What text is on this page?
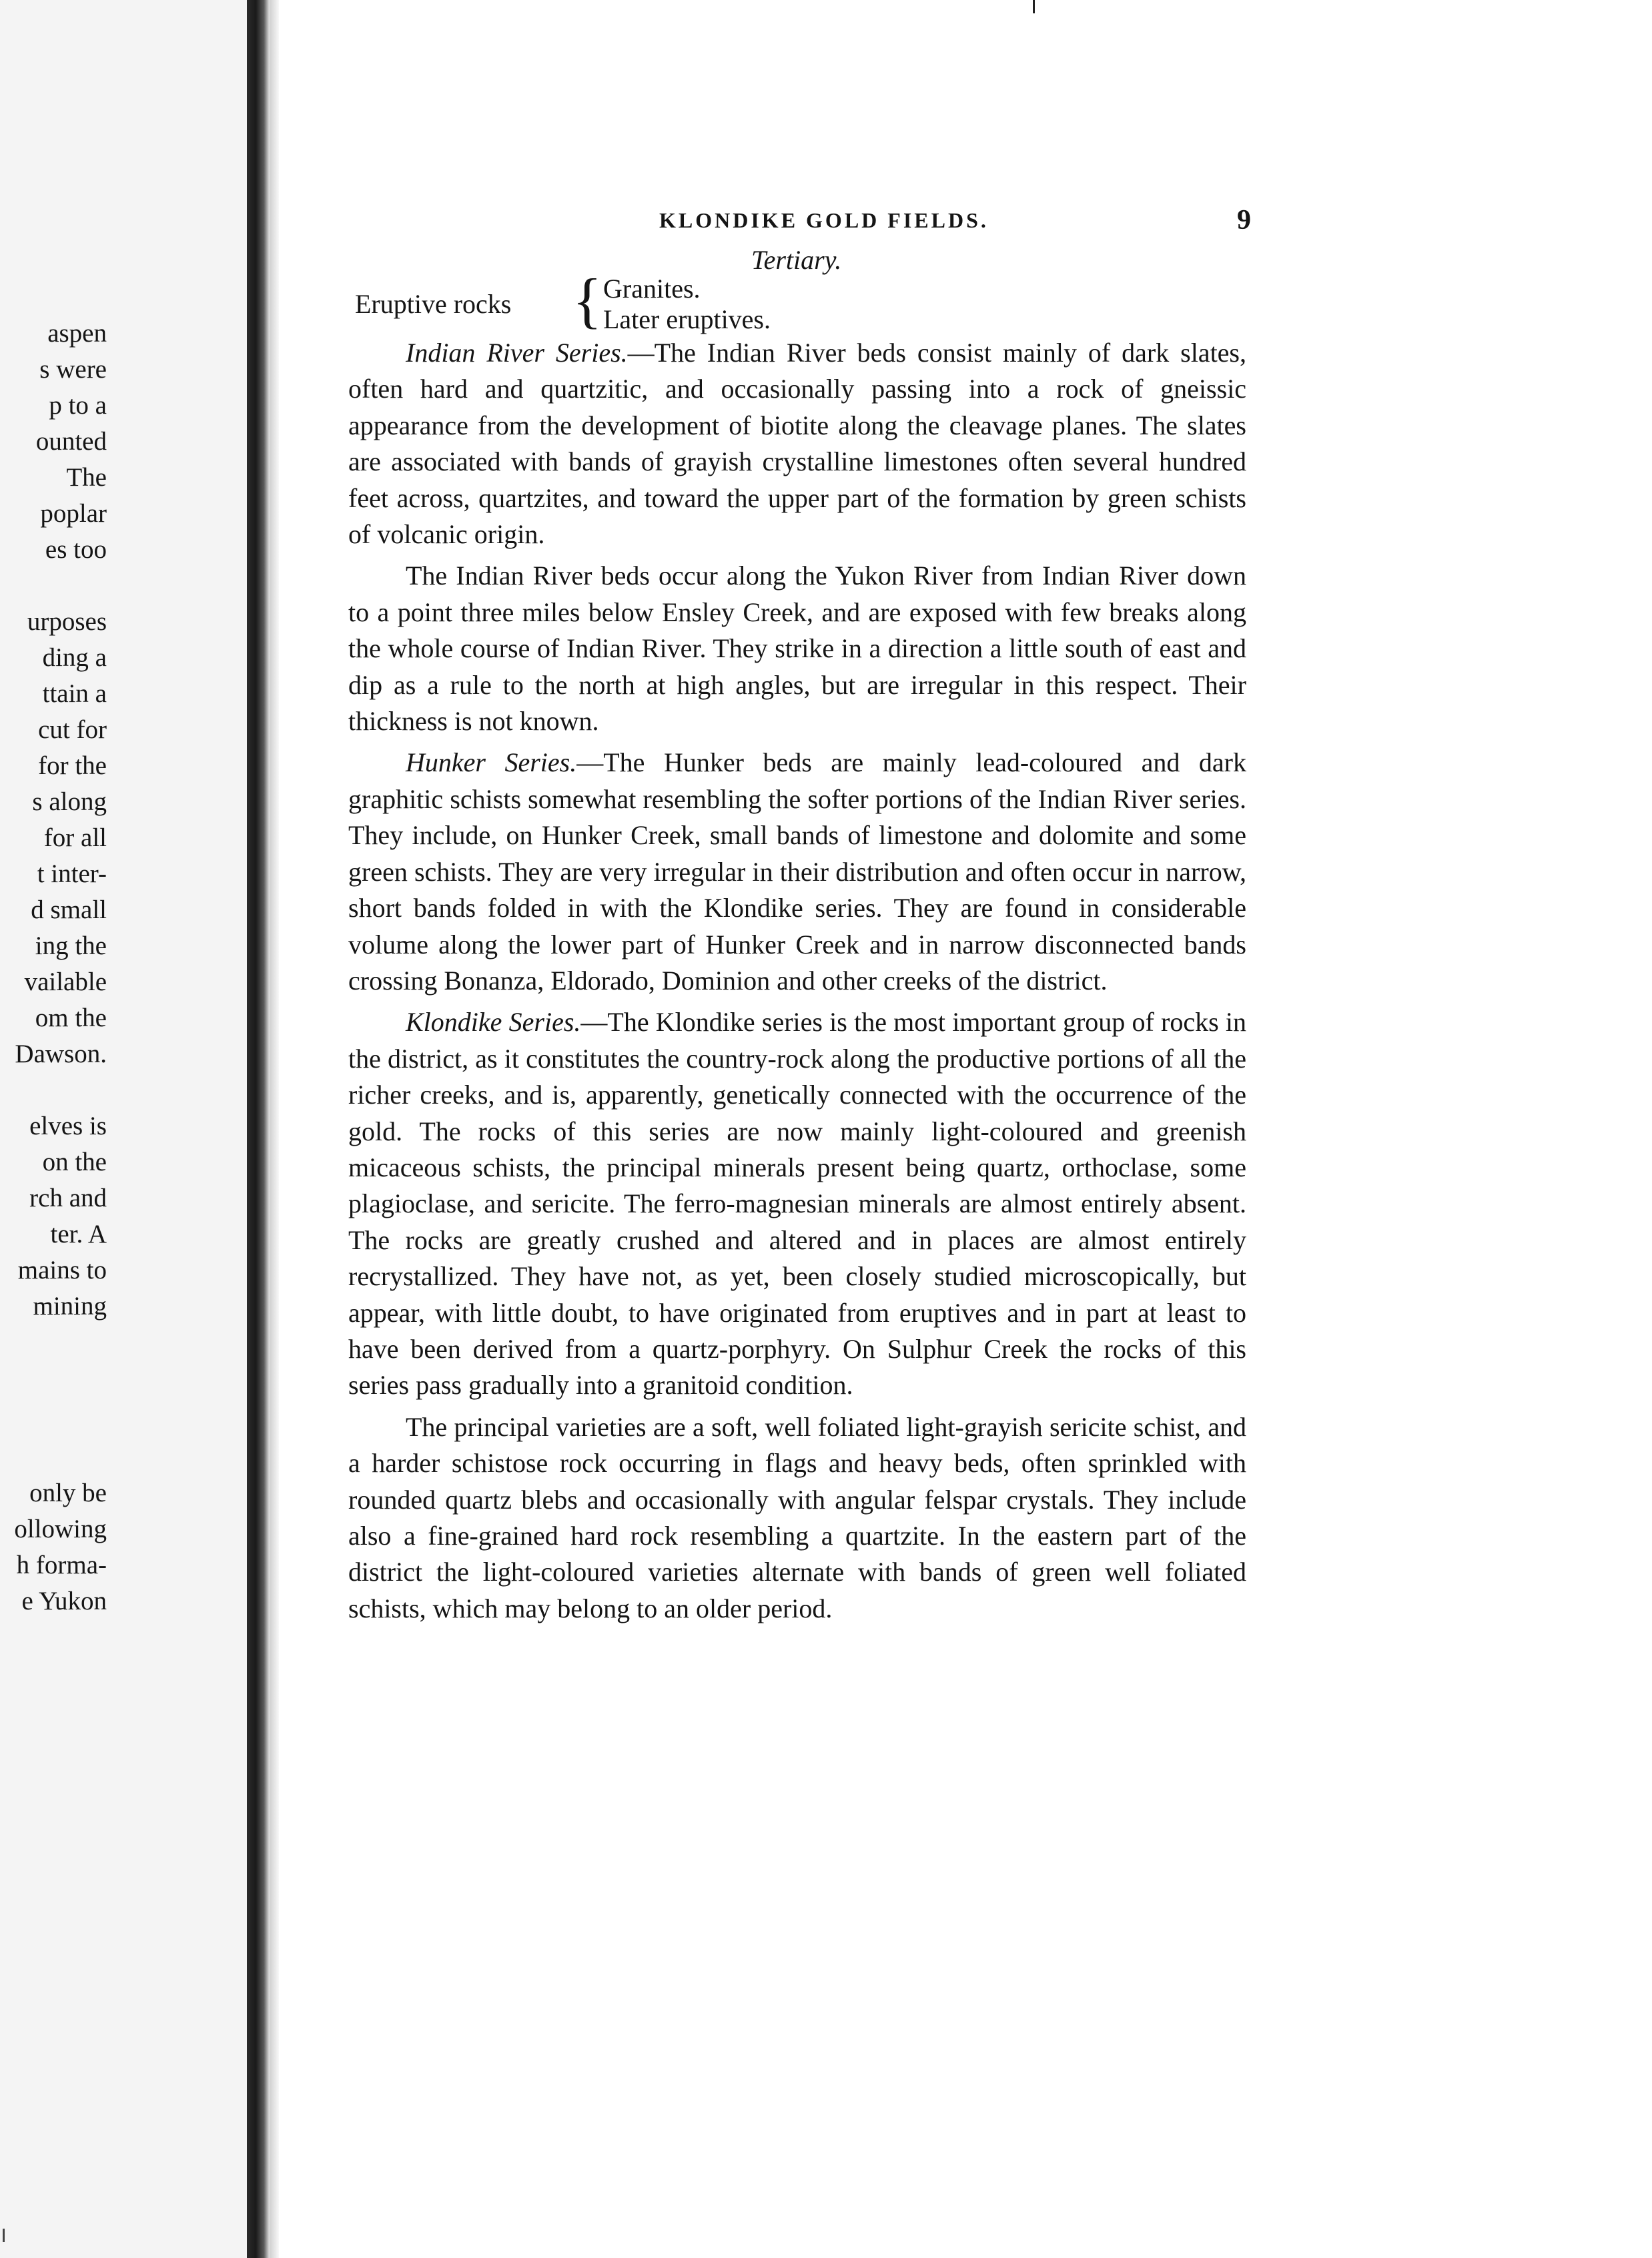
aspen
s were
p to a
ounted
The
poplar
es too
urposes
ding a
ttain a
cut for
for the
s along
for all
t inter-
d small
ing the
vailable
om the
Dawson.
elves is
on the
rch and
ter. A
mains to
mining
only be
ollowing
h forma-
e Yukon
KLONDIKE GOLD FIELDS.	9
Tertiary.
Eruptive rocks { Granites.
Later eruptives.

Indian River Series.—The Indian River beds consist mainly of dark slates, often hard and quartzitic, and occasionally passing into a rock of gneissic appearance from the development of biotite along the cleavage planes. The slates are associated with bands of grayish crystalline limestones often several hundred feet across, quartzites, and toward the upper part of the formation by green schists of volcanic origin.

The Indian River beds occur along the Yukon River from Indian River down to a point three miles below Ensley Creek, and are exposed with few breaks along the whole course of Indian River. They strike in a direction a little south of east and dip as a rule to the north at high angles, but are irregular in this respect. Their thickness is not known.

Hunker Series.—The Hunker beds are mainly lead-coloured and dark graphitic schists somewhat resembling the softer portions of the Indian River series. They include, on Hunker Creek, small bands of limestone and dolomite and some green schists. They are very irregular in their distribution and often occur in narrow, short bands folded in with the Klondike series. They are found in considerable volume along the lower part of Hunker Creek and in narrow disconnected bands crossing Bonanza, Eldorado, Dominion and other creeks of the district.

Klondike Series.—The Klondike series is the most important group of rocks in the district, as it constitutes the country-rock along the productive portions of all the richer creeks, and is, apparently, genetically connected with the occurrence of the gold. The rocks of this series are now mainly light-coloured and greenish micaceous schists, the principal minerals present being quartz, orthoclase, some plagioclase, and sericite. The ferro-magnesian minerals are almost entirely absent. The rocks are greatly crushed and altered and in places are almost entirely recrystallized. They have not, as yet, been closely studied microscopically, but appear, with little doubt, to have originated from eruptives and in part at least to have been derived from a quartz-porphyry. On Sulphur Creek the rocks of this series pass gradually into a granitoid condition.

The principal varieties are a soft, well foliated light-grayish sericite schist, and a harder schistose rock occurring in flags and heavy beds, often sprinkled with rounded quartz blebs and occasionally with angular felspar crystals. They include also a fine-grained hard rock resembling a quartzite. In the eastern part of the district the light-coloured varieties alternate with bands of green well foliated schists, which may belong to an older period.
